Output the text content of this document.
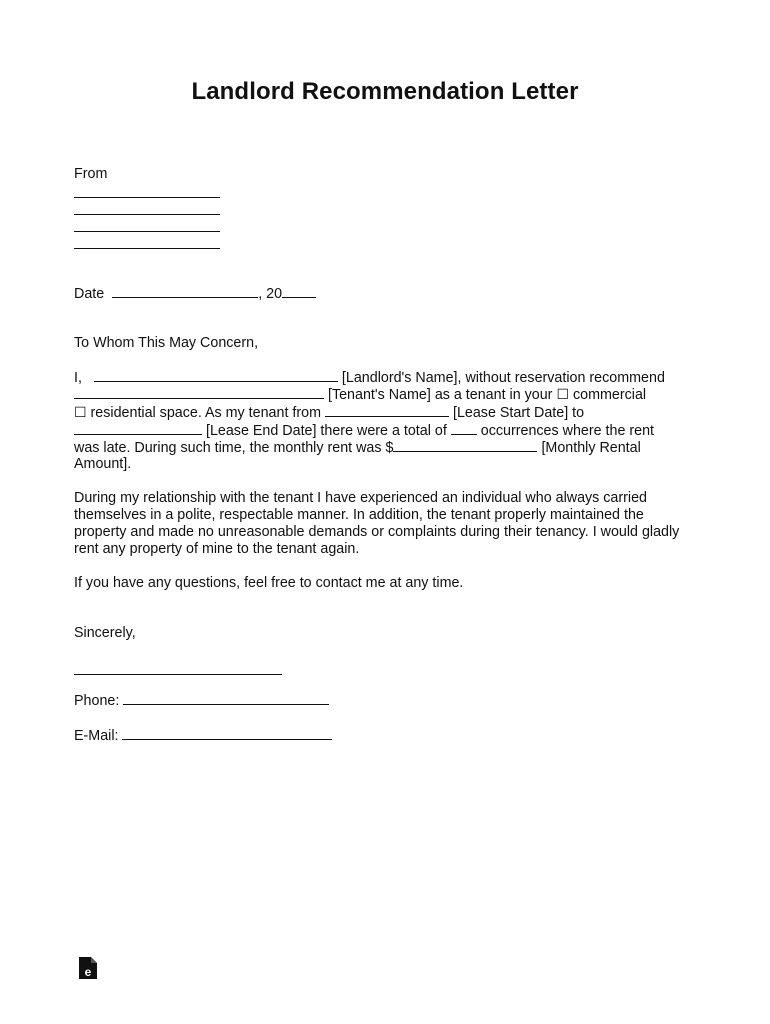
Landlord Recommendation Letter
From
Date	, 20
To Whom This May Concern,
I,	[Landlord's Name], without reservation recommend
[Tenant's Name] as a tenant in your ☐ commercial
☐ residential space. As my tenant from	[Lease Start Date] to
[Lease End Date] there were a total of occurrences where the rent
was late. During such time, the monthly rent was $	[Monthly Rental
Amount].
During my relationship with the tenant I have experienced an individual who always carried themselves in a polite, respectable manner. In addition, the tenant properly maintained the property and made no unreasonable demands or complaints during their tenancy. I would gladly rent any property of mine to the tenant again.
If you have any questions, feel free to contact me at any time.
Sincerely,
Phone:
E-Mail:
e
